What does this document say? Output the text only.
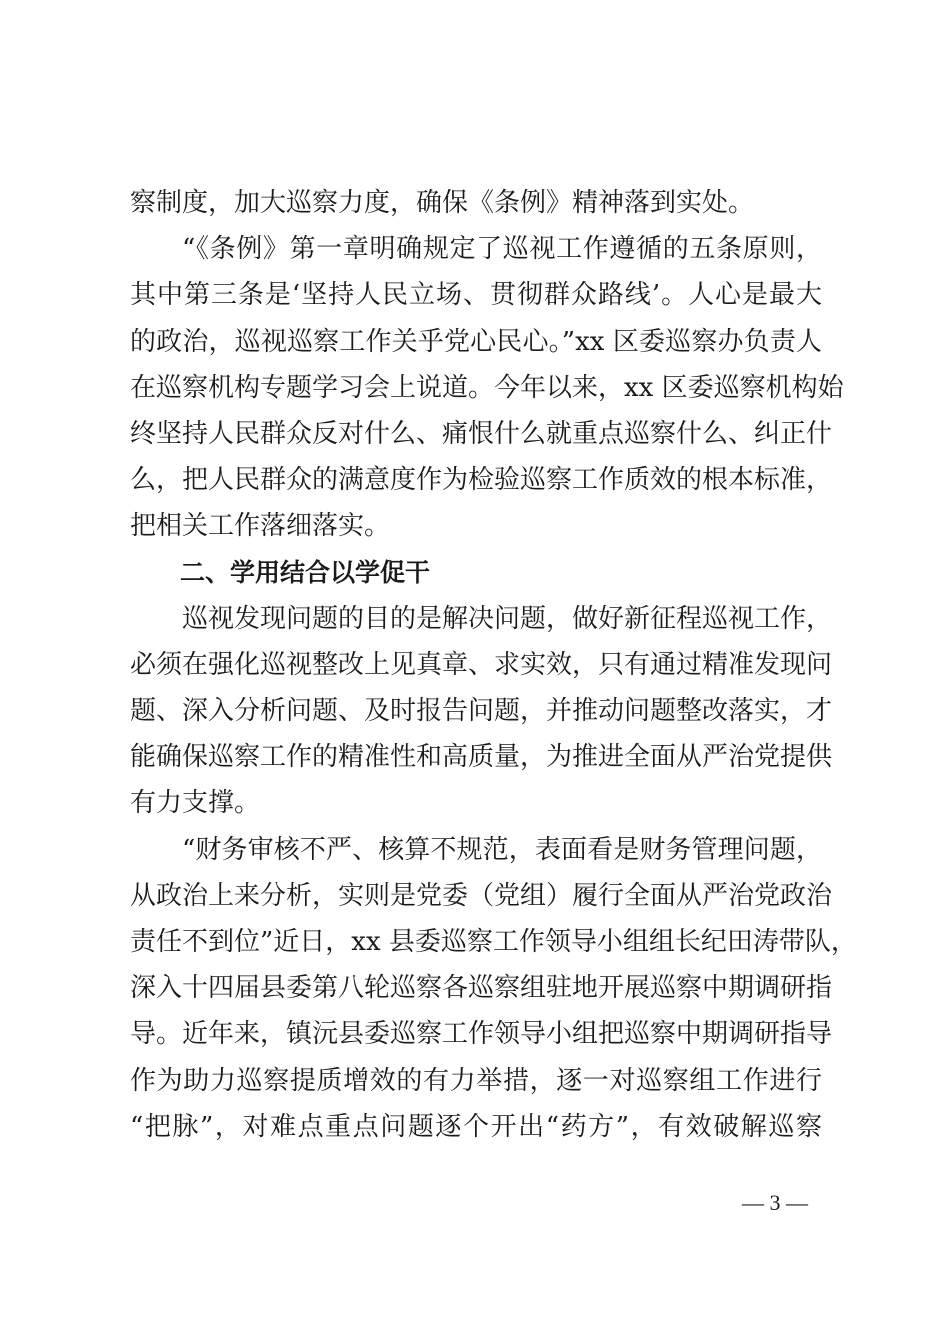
察制度，加大巡察力度，确保《条例》精神落到实处。
“《条例》第一章明确规定了巡视工作遵循的五条原则，
其中第三条是‘坚持人民立场、贯彻群众路线’。人心是最大
的政治，巡视巡察工作关乎党心民心。”xx 区委巡察办负责人
在巡察机构专题学习会上说道。今年以来，xx 区委巡察机构始
终坚持人民群众反对什么、痛恨什么就重点巡察什么、纠正什
么，把人民群众的满意度作为检验巡察工作质效的根本标准，
把相关工作落细落实。
二、学用结合以学促干
巡视发现问题的目的是解决问题，做好新征程巡视工作，
必须在强化巡视整改上见真章、求实效，只有通过精准发现问
题、深入分析问题、及时报告问题，并推动问题整改落实，才
能确保巡察工作的精准性和高质量，为推进全面从严治党提供
有力支撑。
“财务审核不严、核算不规范，表面看是财务管理问题，
从政治上来分析，实则是党委（党组）履行全面从严治党政治
责任不到位”近日，xx 县委巡察工作领导小组组长纪田涛带队，
深入十四届县委第八轮巡察各巡察组驻地开展巡察中期调研指
导。近年来，镇沅县委巡察工作领导小组把巡察中期调研指导
作为助力巡察提质增效的有力举措，逐一对巡察组工作进行
“把脉”，对难点重点问题逐个开出“药方”，有效破解巡察
— 3 —
